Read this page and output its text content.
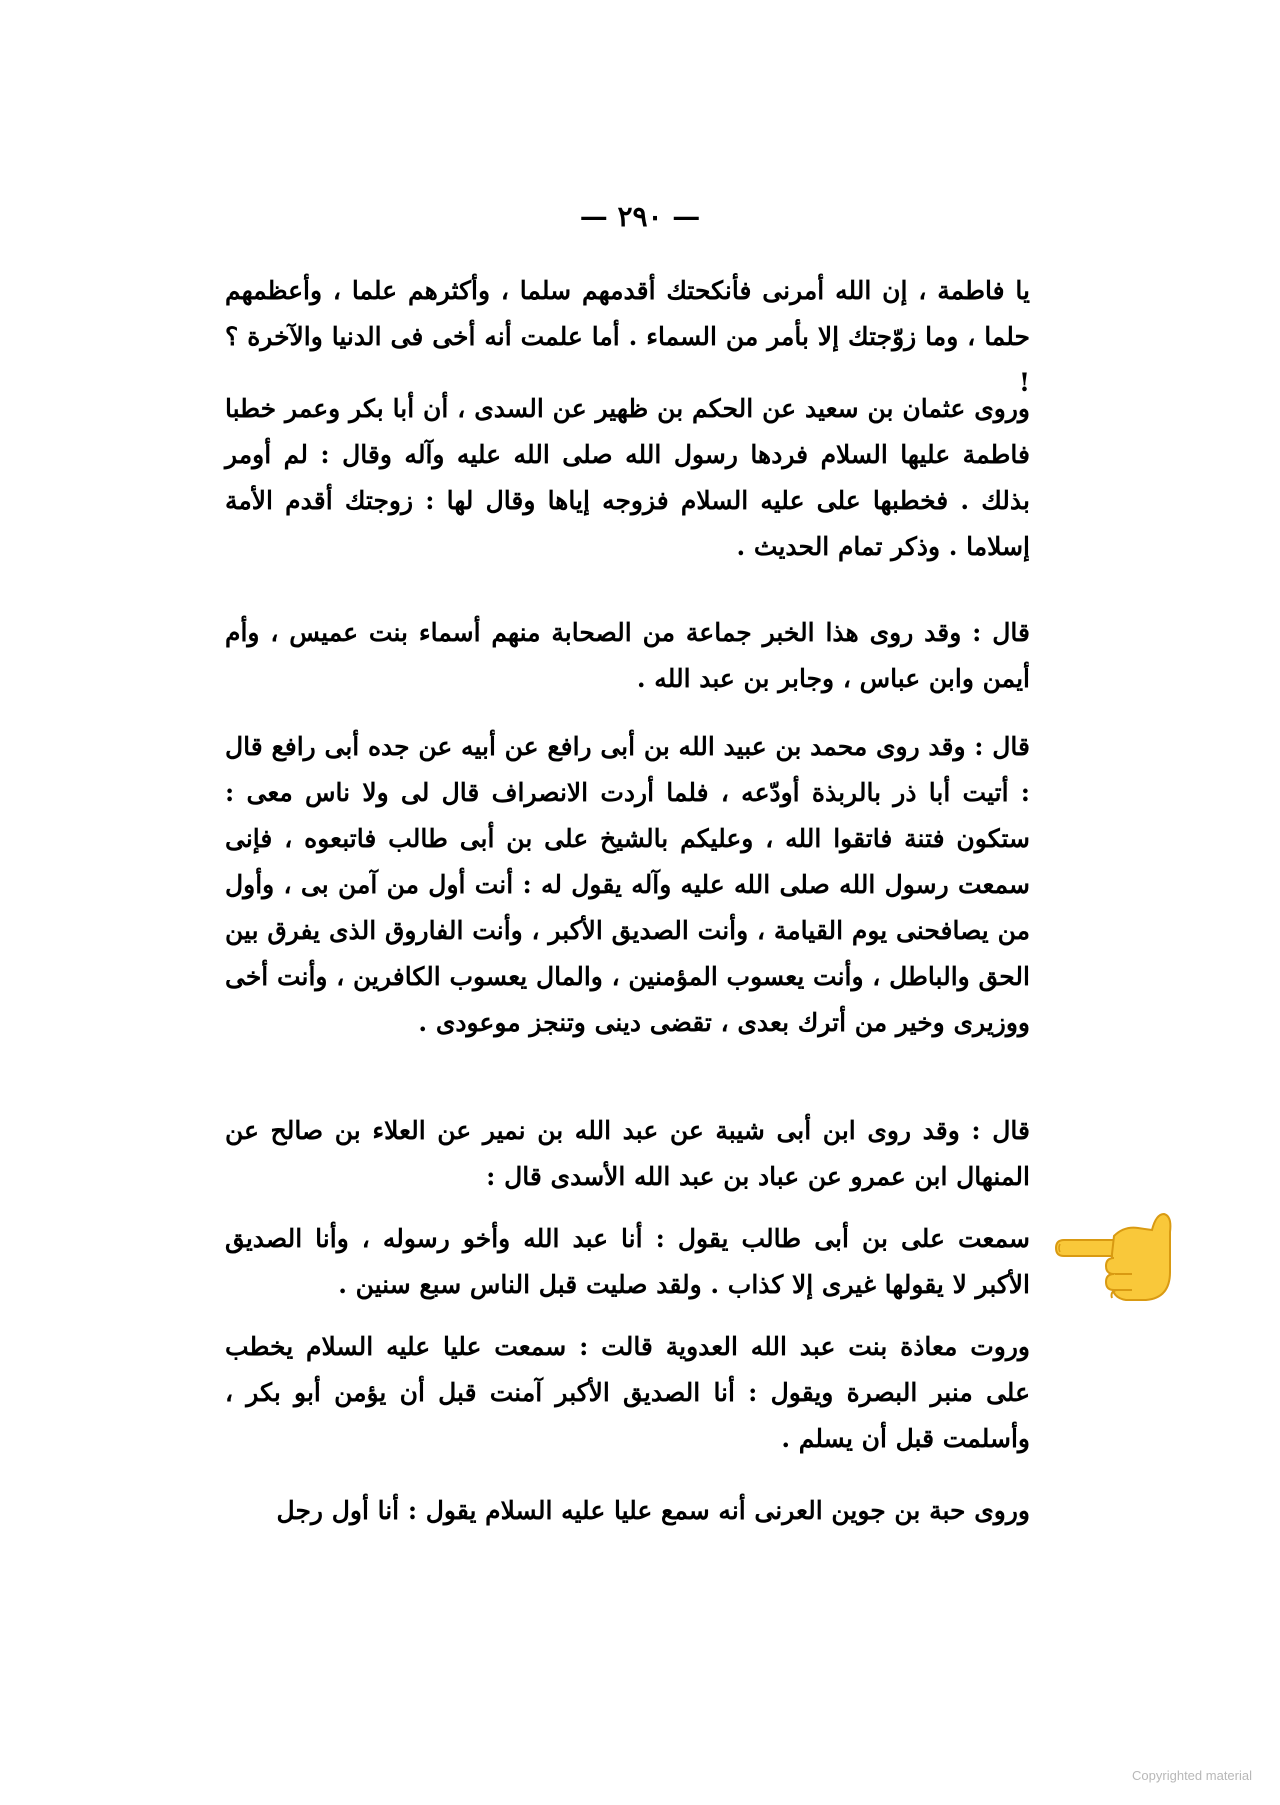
— ٢٩٠ —

يا فاطمة ، إن الله أمرنى فأنكحتك أقدمهم سلما ، وأكثرهم علما ، وأعظمهم حلما ، وما زوّجتك إلا بأمر من السماء . أما علمت أنه أخى فى الدنيا والآخرة ؟ !

وروى عثمان بن سعيد عن الحكم بن ظهير عن السدى ، أن أبا بكر وعمر خطبا فاطمة عليها السلام فردها رسول الله صلى الله عليه وآله وقال : لم أومر بذلك . فخطبها على عليه السلام فزوجه إياها وقال لها : زوجتك أقدم الأمة إسلاما . وذكر تمام الحديث .

قال : وقد روى هذا الخبر جماعة من الصحابة منهم أسماء بنت عميس ، وأم أيمن وابن عباس ، وجابر بن عبد الله .

قال : وقد روى محمد بن عبيد الله بن أبى رافع عن أبيه عن جده أبى رافع قال : أتيت أبا ذر بالربذة أودّعه ، فلما أردت الانصراف قال لى ولا ناس معى : ستكون فتنة فاتقوا الله ، وعليكم بالشيخ على بن أبى طالب فاتبعوه ، فإنى سمعت رسول الله صلى الله عليه وآله يقول له : أنت أول من آمن بى ، وأول من يصافحنى يوم القيامة ، وأنت الصديق الأكبر ، وأنت الفاروق الذى يفرق بين الحق والباطل ، وأنت يعسوب المؤمنين ، والمال يعسوب الكافرين ، وأنت أخى ووزيرى وخير من أترك بعدى ، تقضى دينى وتنجز موعودى .

قال : وقد روى ابن أبى شيبة عن عبد الله بن نمير عن العلاء بن صالح عن المنهال ابن عمرو عن عباد بن عبد الله الأسدى قال :

سمعت على بن أبى طالب يقول : أنا عبد الله وأخو رسوله ، وأنا الصديق الأكبر لا يقولها غيرى إلا كذاب . ولقد صليت قبل الناس سبع سنين .

وروت معاذة بنت عبد الله العدوية قالت : سمعت عليا عليه السلام يخطب على منبر البصرة ويقول : أنا الصديق الأكبر آمنت قبل أن يؤمن أبو بكر ، وأسلمت قبل أن يسلم .

وروى حبة بن جوين العرنى أنه سمع عليا عليه السلام يقول : أنا أول رجل

Copyrighted material
